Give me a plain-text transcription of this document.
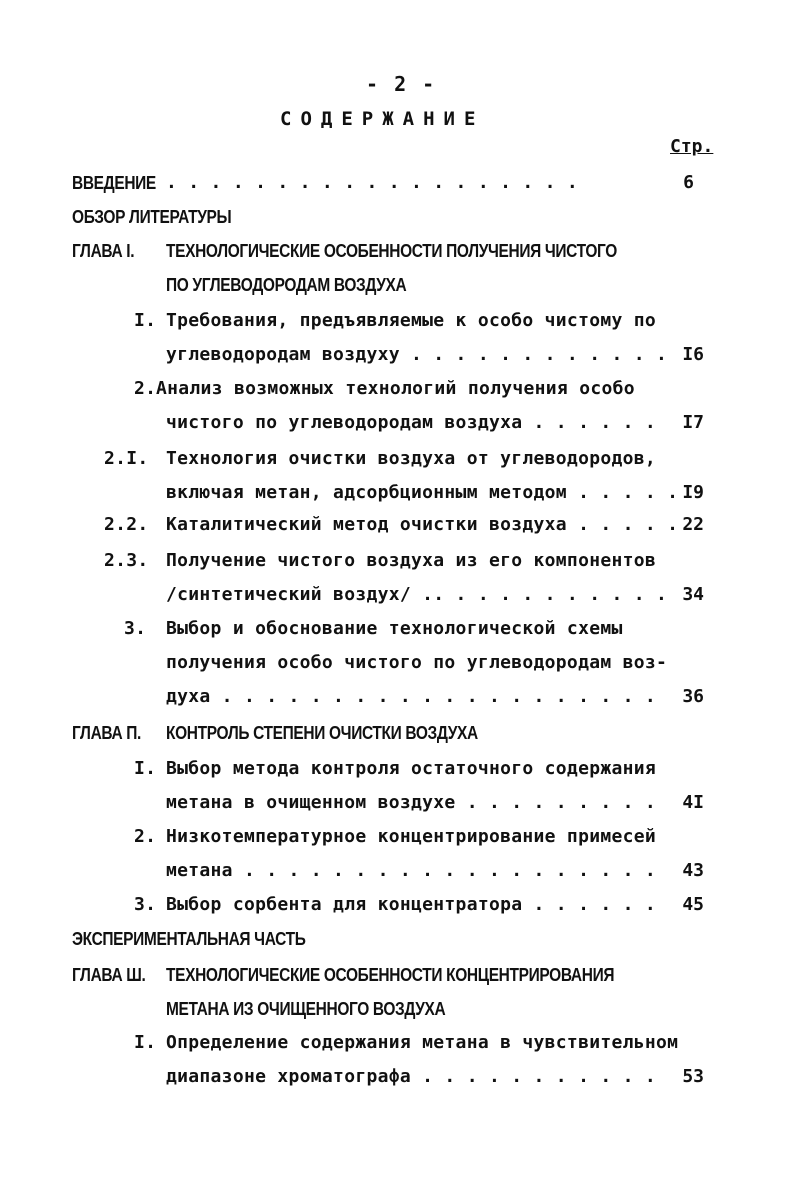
- 2 -
СОДЕРЖАНИЕ
Стр.
ВВЕДЕНИЕ . . . . . . . . . . . . . . . . . . .	6
ОБЗОР ЛИТЕРАТУРЫ
ГЛАВА I. ТЕХНОЛОГИЧЕСКИЕ ОСОБЕННОСТИ ПОЛУЧЕНИЯ ЧИСТОГО
ПО УГЛЕВОДОРОДАМ ВОЗДУХА
I. Требования, предъявляемые к особо чистому по
углеводородам воздуху . . . . . . . . . . . . I6
2. Анализ возможных технологий получения особо
чистого по углеводородам воздуха . . . . . .	I7
2.I. Технология очистки воздуха от углеводородов,
включая метан, адсорбционным методом . . . . . I9
2.2. Каталитический метод очистки воздуха . . . . . 22
2.3. Получение чистого воздуха из его компонентов
/синтетический воздух/ .. . . . . . . . . . . 34
3. Выбор и обоснование технологической схемы
получения особо чистого по углеводородам воз-
духа . . . . . . . . . . . . . . . . . . . .	36
ГЛАВА П. КОНТРОЛЬ СТЕПЕНИ ОЧИСТКИ ВОЗДУХА
I. Выбор метода контроля остаточного содержания
метана в очищенном воздухе . . . . . . . . .	4I
2. Низкотемпературное концентрирование примесей
метана . . . . . . . . . . . . . . . . . . .	43
3. Выбор сорбента для концентратора . . . . . .	45
ЭКСПЕРИМЕНТАЛЬНАЯ ЧАСТЬ
ГЛАВА Ш. ТЕХНОЛОГИЧЕСКИЕ ОСОБЕННОСТИ КОНЦЕНТРИРОВАНИЯ
МЕТАНА ИЗ ОЧИЩЕННОГО ВОЗДУХА
I. Определение содержания метана в чувствительном
диапазоне хроматографа . . . . . . . . . . .	53
